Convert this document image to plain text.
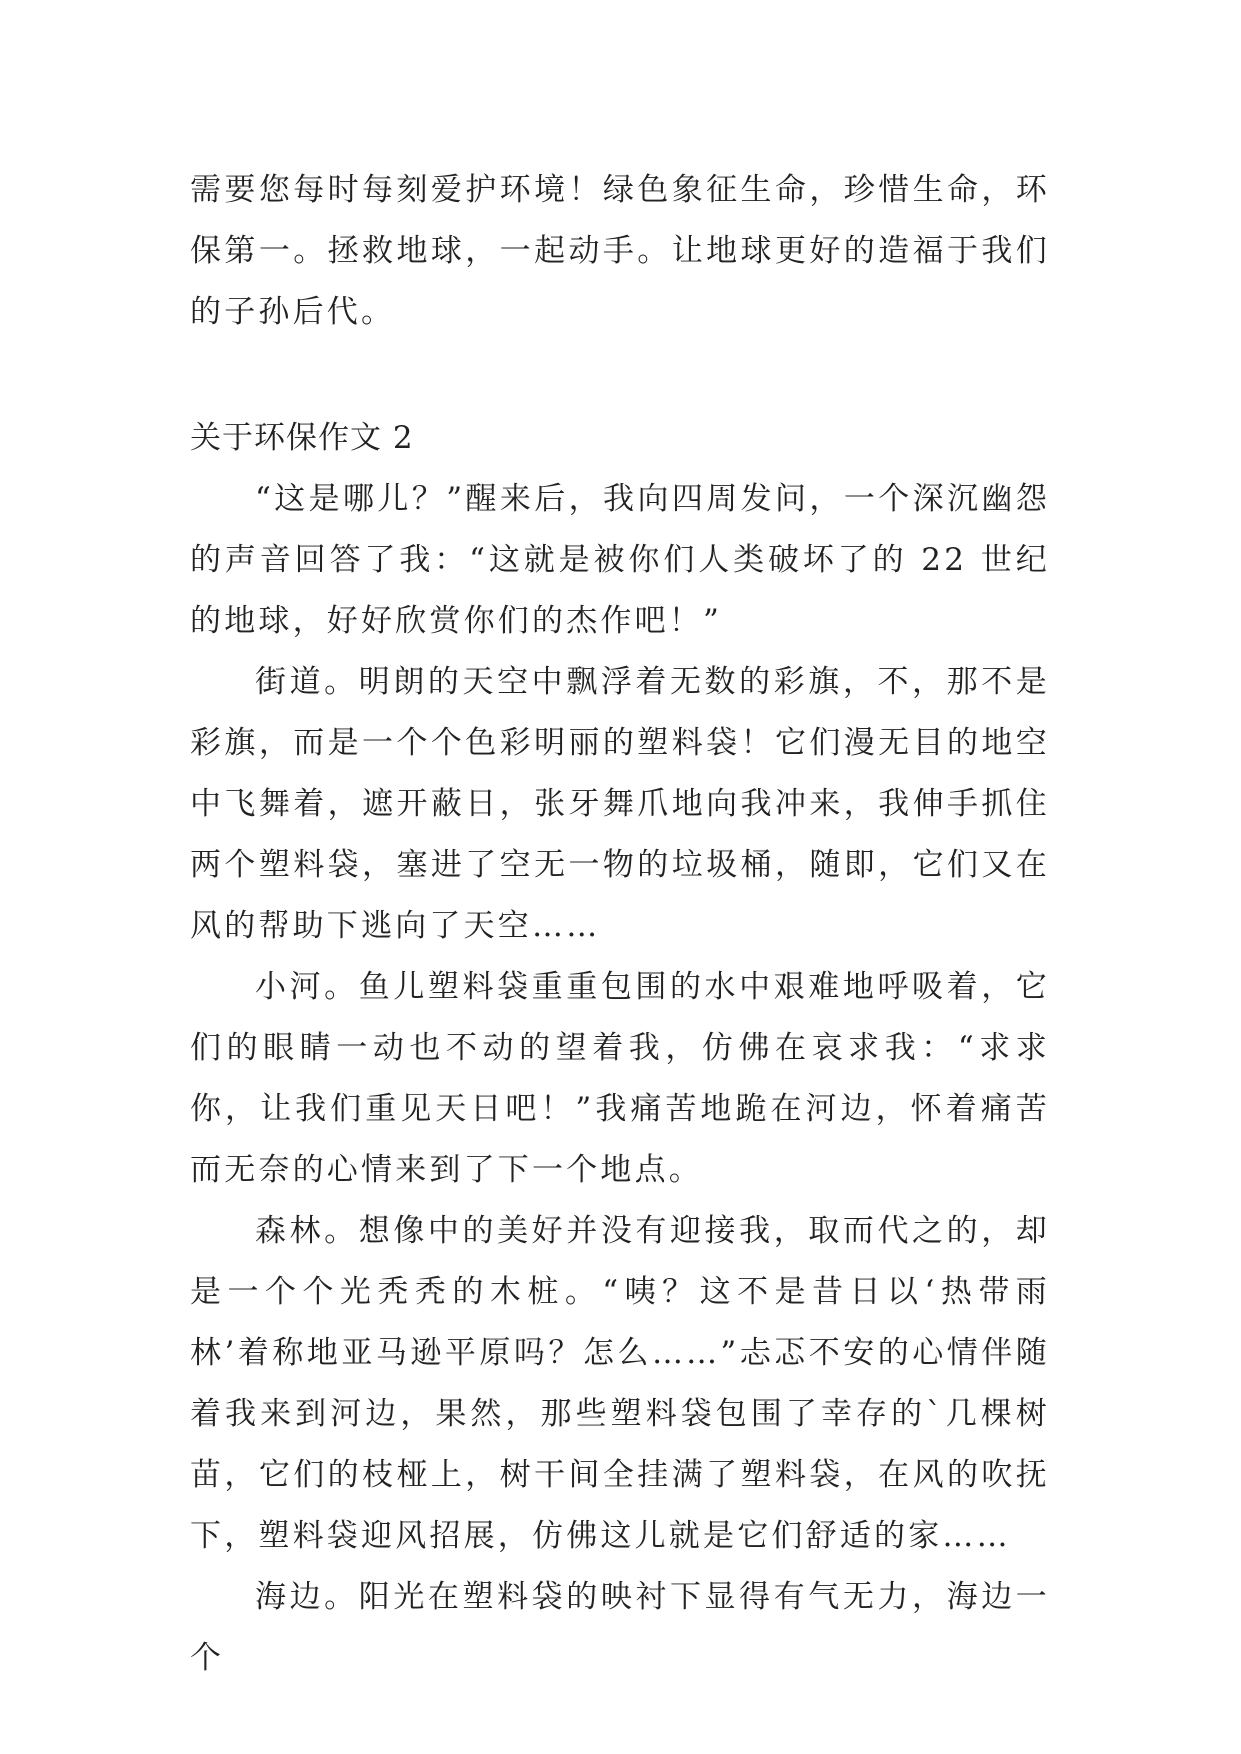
需要您每时每刻爱护环境！绿色象征生命，珍惜生命，环保第一。拯救地球，一起动手。让地球更好的造福于我们的子孙后代。

关于环保作文 2

“这是哪儿？”醒来后，我向四周发问，一个深沉幽怨的声音回答了我：“这就是被你们人类破坏了的 22 世纪的地球，好好欣赏你们的杰作吧！”

街道。明朗的天空中飘浮着无数的彩旗，不，那不是彩旗，而是一个个色彩明丽的塑料袋！它们漫无目的地空中飞舞着，遮开蔽日，张牙舞爪地向我冲来，我伸手抓住两个塑料袋，塞进了空无一物的垃圾桶，随即，它们又在风的帮助下逃向了天空……

小河。鱼儿塑料袋重重包围的水中艰难地呼吸着，它们的眼睛一动也不动的望着我，仿佛在哀求我：“求求你，让我们重见天日吧！”我痛苦地跪在河边，怀着痛苦而无奈的心情来到了下一个地点。

森林。想像中的美好并没有迎接我，取而代之的，却是一个个光秃秃的木桩。“咦？这不是昔日以‘热带雨林’着称地亚马逊平原吗？怎么……”忐忑不安的心情伴随着我来到河边，果然，那些塑料袋包围了幸存的`几棵树苗，它们的枝桠上，树干间全挂满了塑料袋，在风的吹抚下，塑料袋迎风招展，仿佛这儿就是它们舒适的家……

海边。阳光在塑料袋的映衬下显得有气无力，海边一个
